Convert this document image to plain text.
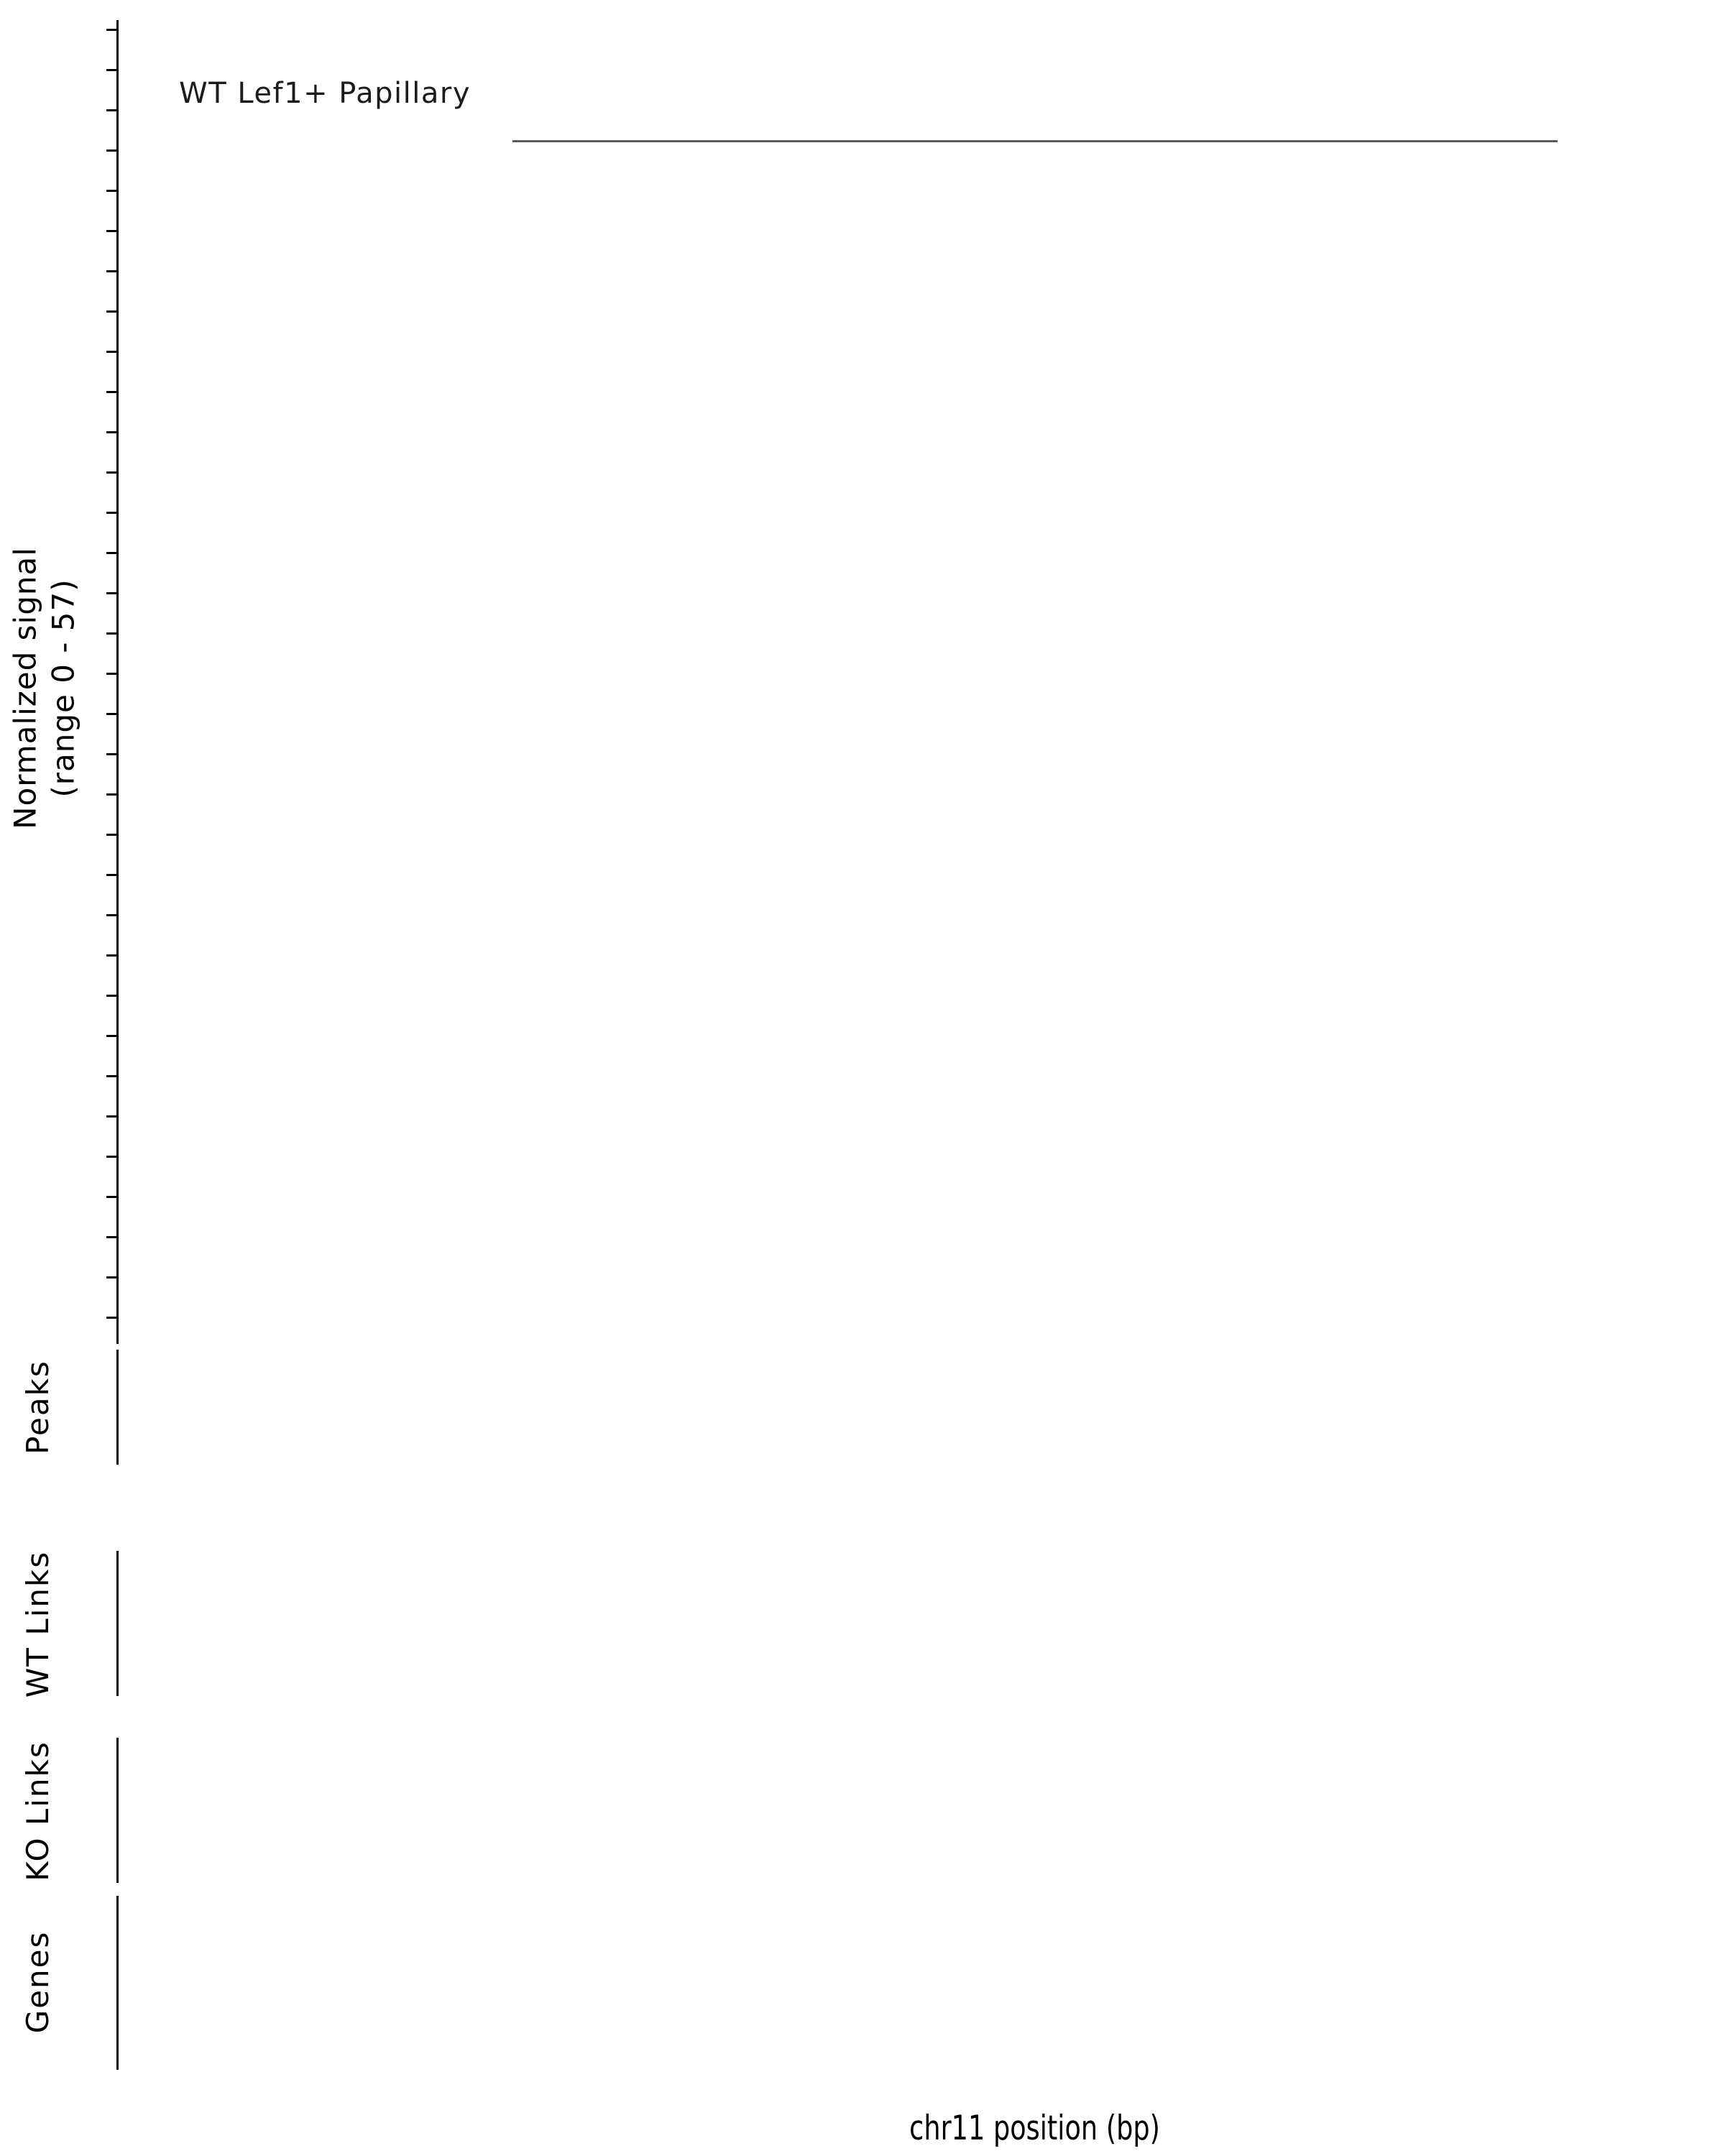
Normalized signal
(range 0 - 57)
Peaks
WT Links
KO Links
Genes
WT Lef1+ Papillary
chr11 position (bp)
